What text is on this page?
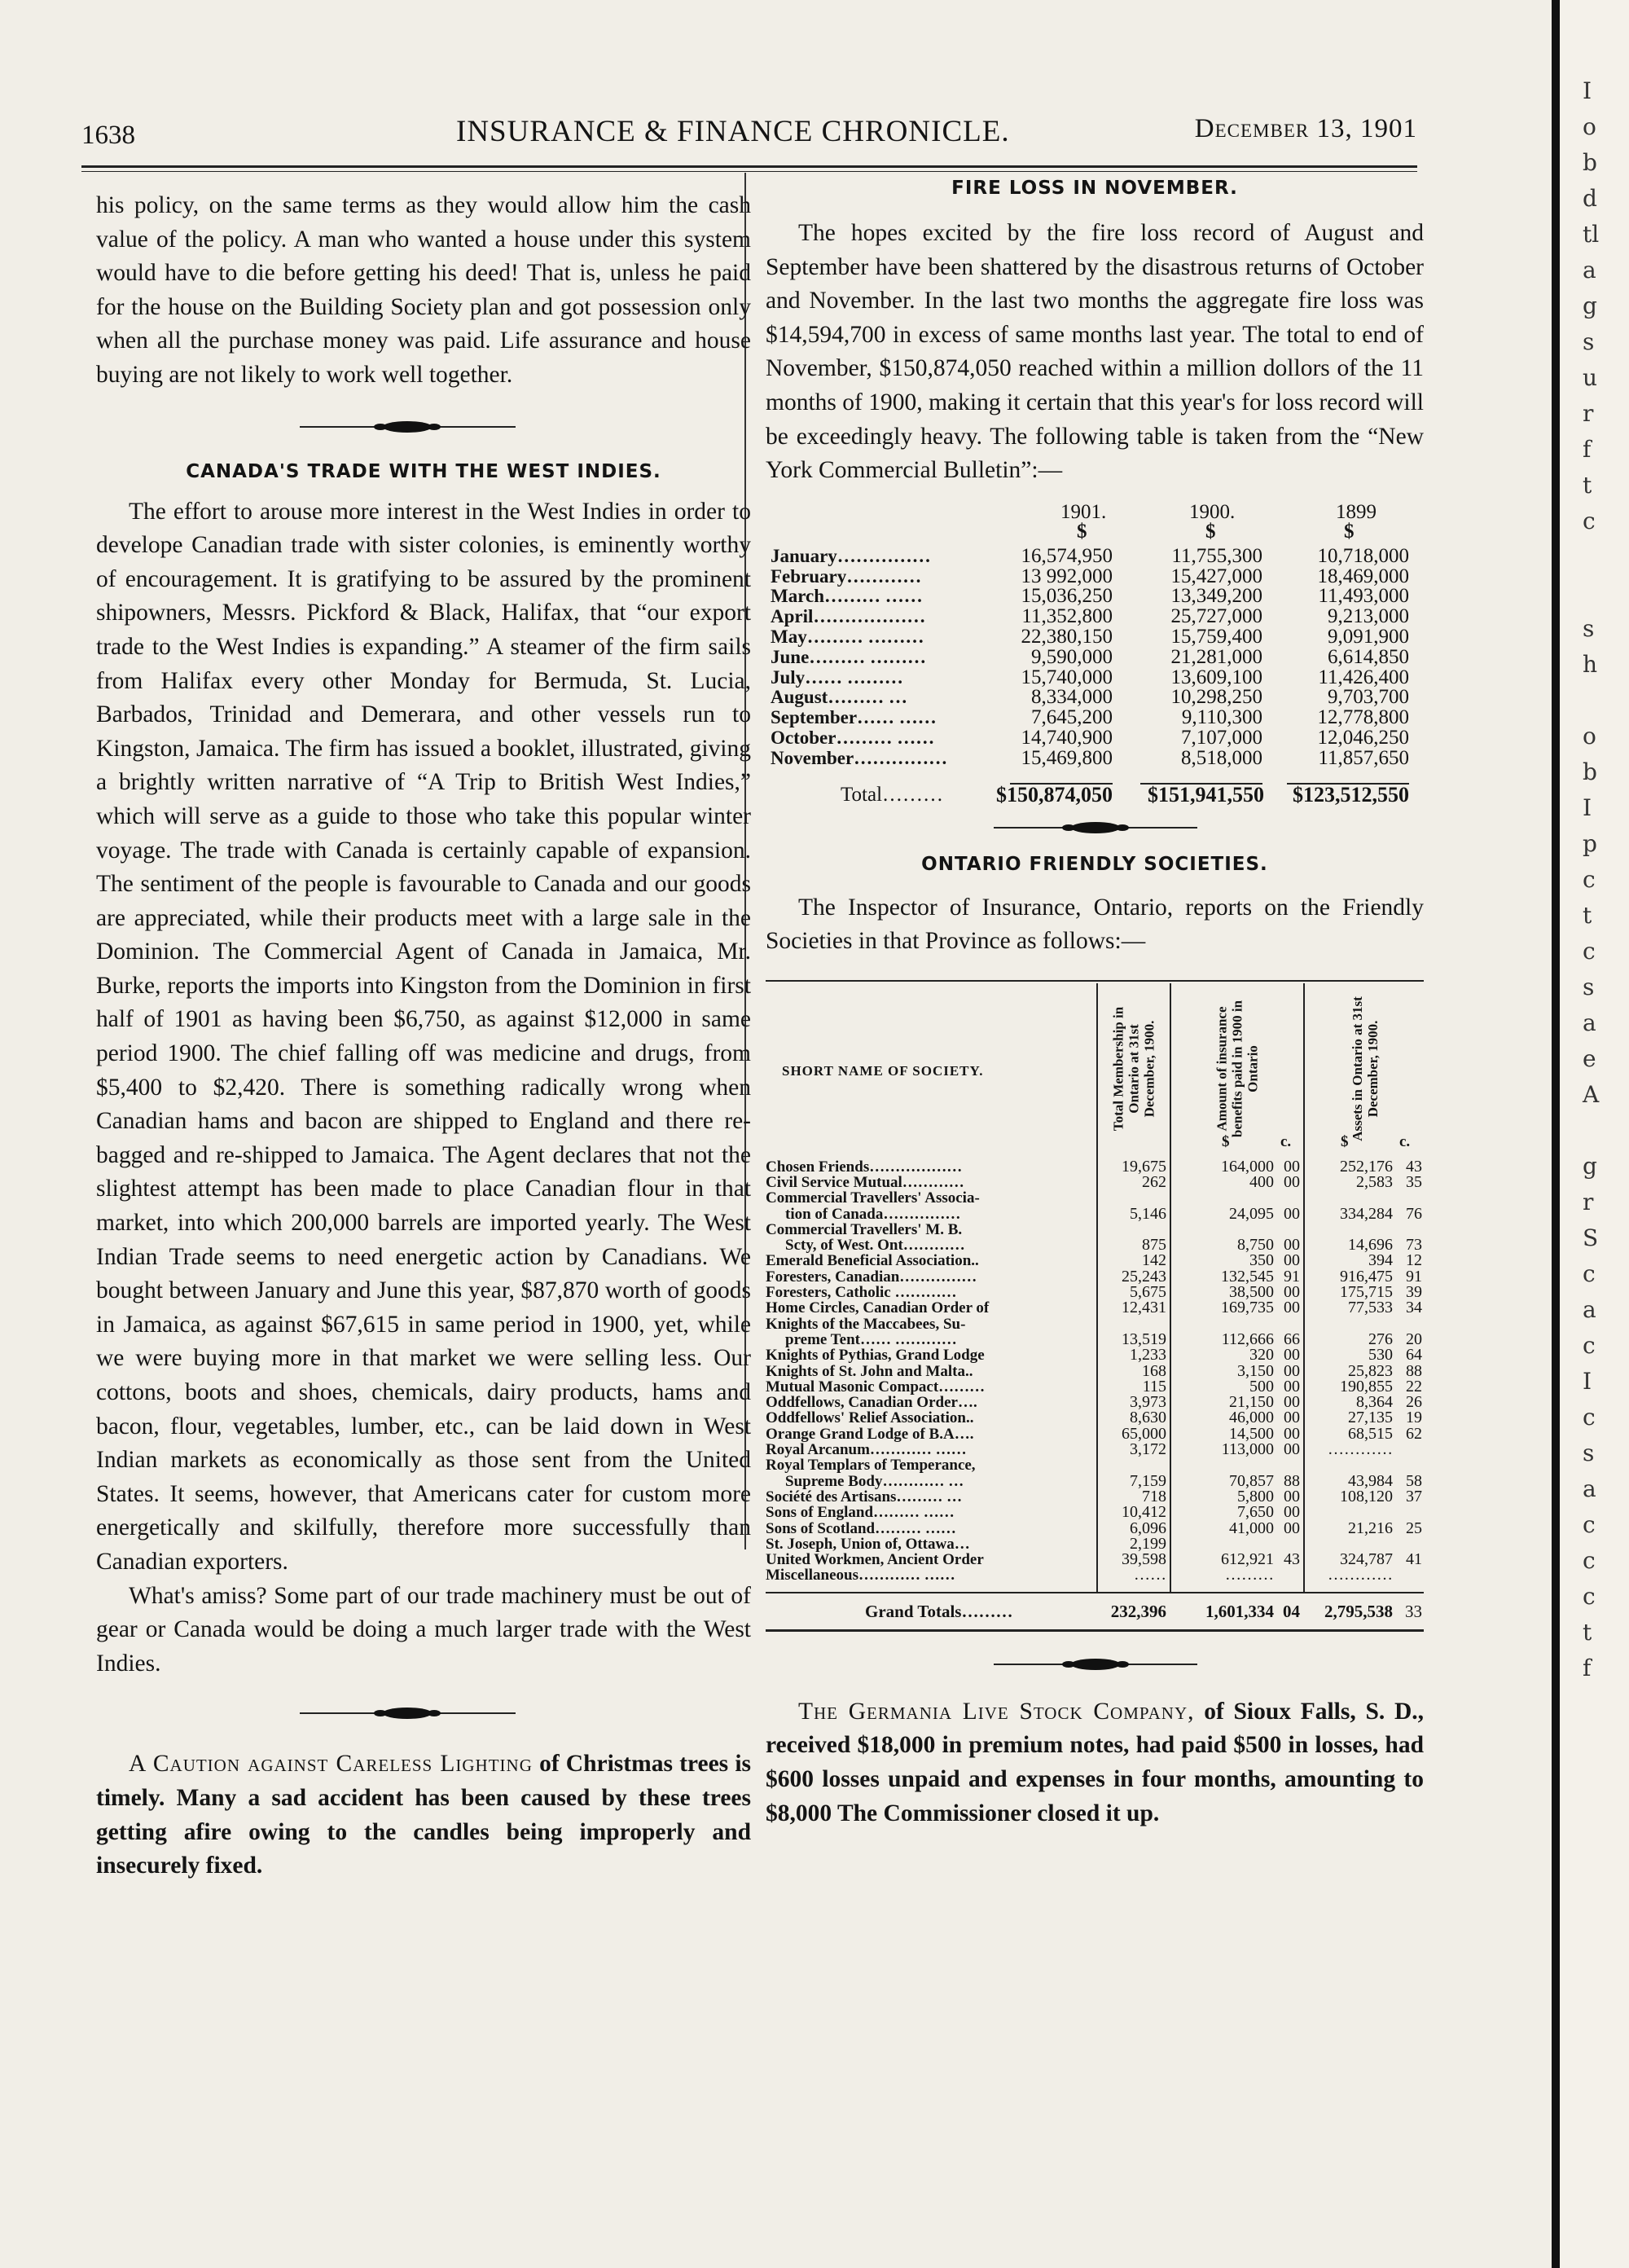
1638	INSURANCE & FINANCE CHRONICLE.	December 13, 1901

his policy, on the same terms as they would allow him the cash value of the policy. A man who wanted a house under this system would have to die before getting his deed! That is, unless he paid for the house on the Building Society plan and got possession only when all the purchase money was paid. Life assurance and house buying are not likely to work well together.

CANADA'S TRADE WITH THE WEST INDIES.

The effort to arouse more interest in the West Indies in order to develope Canadian trade with sister colonies, is eminently worthy of encouragement. It is gratifying to be assured by the prominent shipowners, Messrs. Pickford & Black, Halifax, that “our export trade to the West Indies is expanding.” A steamer of the firm sails from Halifax every other Monday for Bermuda, St. Lucia, Barbados, Trinidad and Demerara, and other vessels run to Kingston, Jamaica. The firm has issued a booklet, illustrated, giving a brightly written narrative of “A Trip to British West Indies,” which will serve as a guide to those who take this popular winter voyage. The trade with Canada is certainly capable of expansion. The sentiment of the people is favourable to Canada and our goods are appreciated, while their products meet with a large sale in the Dominion. The Commercial Agent of Canada in Jamaica, Mr. Burke, reports the imports into Kingston from the Dominion in first half of 1901 as having been $6,750, as against $12,000 in same period 1900. The chief falling off was medicine and drugs, from $5,400 to $2,420. There is something radically wrong when Canadian hams and bacon are shipped to England and there re-bagged and re-shipped to Jamaica. The Agent declares that not the slightest attempt has been made to place Canadian flour in that market, into which 200,000 barrels are imported yearly. The West Indian Trade seems to need energetic action by Canadians. We bought between January and June this year, $87,870 worth of goods in Jamaica, as against $67,615 in same period in 1900, yet, while we were buying more in that market we were selling less. Our cottons, boots and shoes, chemicals, dairy products, hams and bacon, flour, vegetables, lumber, etc., can be laid down in West Indian markets as economically as those sent from the United States. It seems, however, that Americans cater for custom more energetically and skilfully, therefore more successfully than Canadian exporters.

What's amiss? Some part of our trade machinery must be out of gear or Canada would be doing a much larger trade with the West Indies.

A Caution against Careless Lighting of Christmas trees is timely. Many a sad accident has been caused by these trees getting afire owing to the candles being improperly and insecurely fixed.

FIRE LOSS IN NOVEMBER.

The hopes excited by the fire loss record of August and September have been shattered by the disastrous returns of October and November. In the last two months the aggregate fire loss was $14,594,700 in excess of same months last year. The total to end of November, $150,874,050 reached within a million dollors of the 11 months of 1900, making it certain that this year's for loss record will be exceedingly heavy. The following table is taken from the “New York Commercial Bulletin”:—

1901.	1900.	1899
$	$	$
January……………	16,574,950	11,755,300	10,718,000
February…………	13 992,000	15,427,000	18,469,000
March……… ……	15,036,250	13,349,200	11,493,000
April………………	11,352,800	25,727,000	9,213,000
May……… ………	22,380,150	15,759,400	9,091,900
June……… ………	9,590,000	21,281,000	6,614,850
July…… ………	15,740,000	13,609,100	11,426,400
August……… …	8,334,000	10,298,250	9,703,700
September…… ……	7,645,200	9,110,300	12,778,800
October……… ……	14,740,900	7,107,000	12,046,250
November……………	15,469,800	8,518,000	11,857,650
Total………	$150,874,050	$151,941,550	$123,512,550
ONTARIO FRIENDLY SOCIETIES.

The Inspector of Insurance, Ontario, reports on the Friendly Societies in that Province as follows:—

SHORT NAME OF SOCIETY.	Total Membership in Ontario at 31st December, 1900.	Amount of insurance benefits paid in 1900 in Ontario	Assets in Ontario at 31st December, 1900.
$	c.	$	c.
Chosen Friends………………	19,675	164,000 00	252,176 43
Civil Service Mutual…………	262	400 00	2,583 35
Commercial Travellers' Associa-
tion of Canada……………	5,146	24,095 00	334,284 76
Commercial Travellers' M. B.
Scty, of West. Ont…………	875	8,750 00	14,696 73
Emerald Beneficial Association..	142	350 00	394 12
Foresters, Canadian……………	25,243	132,545 91	916,475 91
Foresters, Catholic …………	5,675	38,500 00	175,715 39
Home Circles, Canadian Order of	12,431	169,735 00	77,533 34
Knights of the Maccabees, Su-
preme Tent…… …………	13,519	112,666 66	276 20
Knights of Pythias, Grand Lodge	1,233	320 00	530 64
Knights of St. John and Malta..	168	3,150 00	25,823 88
Mutual Masonic Compact………	115	500 00	190,855 22
Oddfellows, Canadian Order….	3,973	21,150 00	8,364 26
Oddfellows' Relief Association..	8,630	46,000 00	27,135 19
Orange Grand Lodge of B.A….	65,000	14,500 00	68,515 62
Royal Arcanum………… ……	3,172	113,000 00	…………
Royal Templars of Temperance,
Supreme Body………… …	7,159	70,857 88	43,984 58
Société des Artisans……… …	718	5,800 00	108,120 37
Sons of England……… ……	10,412	7,650 00
Sons of Scotland……… ……	6,096	41,000 00	21,216 25
St. Joseph, Union of, Ottawa…	2,199
United Workmen, Ancient Order	39,598	612,921 43	324,787 41
Miscellaneous………… ……	……	………	…………
Grand Totals………	232,396	1,601,334 04	2,795,538 33

The Germania Live Stock Company, of Sioux Falls, S. D., received $18,000 in premium notes, had paid $500 in losses, had $600 losses unpaid and expenses in four months, amounting to $8,000 The Commissioner closed it up.

I
o
b
d
tl
a
g
s
u
r
f
t
c
s
h
o
b
I
p
c
t
c
s
a
e
A
g
r
S
c
a
c
I
c
s
a
c
c
c
t
f
